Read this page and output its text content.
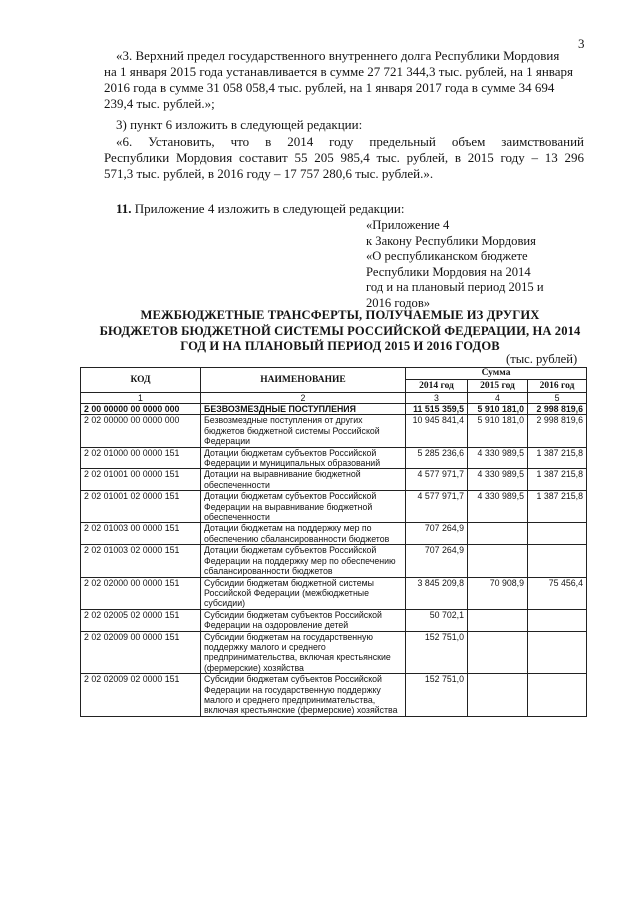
3
«3. Верхний предел государственного внутреннего долга Республики Мордовия на 1 января 2015 года устанавливается в сумме 27 721 344,3 тыс. рублей, на 1 января 2016 года в сумме 31 058 058,4 тыс. рублей, на 1 января 2017 года в сумме 34 694 239,4 тыс. рублей.»;
3) пункт 6 изложить в следующей редакции:
«6. Установить, что в 2014 году предельный объем заимствований
Республики Мордовия составит 55 205 985,4 тыс. рублей, в 2015 году – 13 296
571,3 тыс. рублей, в 2016 году – 17 757 280,6 тыс. рублей.».
11. Приложение 4 изложить в следующей редакции:
«Приложение 4
к Закону Республики Мордовия
«О республиканском бюджете
Республики Мордовия на 2014
год и на плановый период 2015 и
2016 годов»
МЕЖБЮДЖЕТНЫЕ ТРАНСФЕРТЫ, ПОЛУЧАЕМЫЕ ИЗ ДРУГИХ
БЮДЖЕТОВ БЮДЖЕТНОЙ СИСТЕМЫ РОССИЙСКОЙ ФЕДЕРАЦИИ, НА 2014
ГОД И НА ПЛАНОВЫЙ ПЕРИОД 2015 И 2016 ГОДОВ
(тыс. рублей)
КОД	НАИМЕНОВАНИЕ	Сумма		
		2014 год	2015 год	2016 год
1	2	3	4	5
2 00 00000 00 0000 000	БЕЗВОЗМЕЗДНЫЕ ПОСТУПЛЕНИЯ	11 515 359,5	5 910 181,0	2 998 819,6
2 02 00000 00 0000 000	Безвозмездные поступления от других бюджетов бюджетной системы Российской Федерации	10 945 841,4	5 910 181,0	2 998 819,6
2 02 01000 00 0000 151	Дотации бюджетам субъектов Российской Федерации и муниципальных образований	5 285 236,6	4 330 989,5	1 387 215,8
2 02 01001 00 0000 151	Дотации на выравнивание бюджетной обеспеченности	4 577 971,7	4 330 989,5	1 387 215,8
2 02 01001 02 0000 151	Дотации бюджетам субъектов Российской Федерации на выравнивание бюджетной обеспеченности	4 577 971,7	4 330 989,5	1 387 215,8
2 02 01003 00 0000 151	Дотации бюджетам на поддержку мер по обеспечению сбалансированности бюджетов	707 264,9		
2 02 01003 02 0000 151	Дотации бюджетам субъектов Российской Федерации на поддержку мер по обеспечению сбалансированности бюджетов	707 264,9		
2 02 02000 00 0000 151	Субсидии бюджетам бюджетной системы Российской Федерации (межбюджетные субсидии)	3 845 209,8	70 908,9	75 456,4
2 02 02005 02 0000 151	Субсидии бюджетам субъектов Российской Федерации на оздоровление детей	50 702,1		
2 02 02009 00 0000 151	Субсидии бюджетам на государственную поддержку малого и среднего предпринимательства, включая крестьянские (фермерские) хозяйства	152 751,0		
2 02 02009 02 0000 151	Субсидии бюджетам субъектов Российской Федерации на государственную поддержку малого и среднего предпринимательства, включая крестьянские (фермерские) хозяйства	152 751,0		
